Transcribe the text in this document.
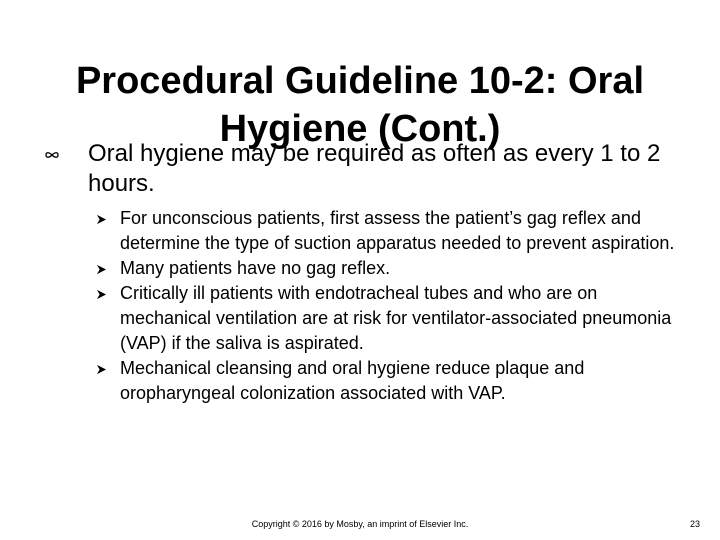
Procedural Guideline 10-2: Oral
Hygiene (Cont.)
Oral hygiene may be required as often as every 1 to 2 hours.
For unconscious patients, first assess the patient’s gag reflex and determine the type of suction apparatus needed to prevent aspiration.
Many patients have no gag reflex.
Critically ill patients with endotracheal tubes and who are on mechanical ventilation are at risk for ventilator-associated pneumonia (VAP) if the saliva is aspirated.
Mechanical cleansing and oral hygiene reduce plaque and oropharyngeal colonization associated with VAP.
Copyright © 2016 by Mosby, an imprint of Elsevier Inc.	23
